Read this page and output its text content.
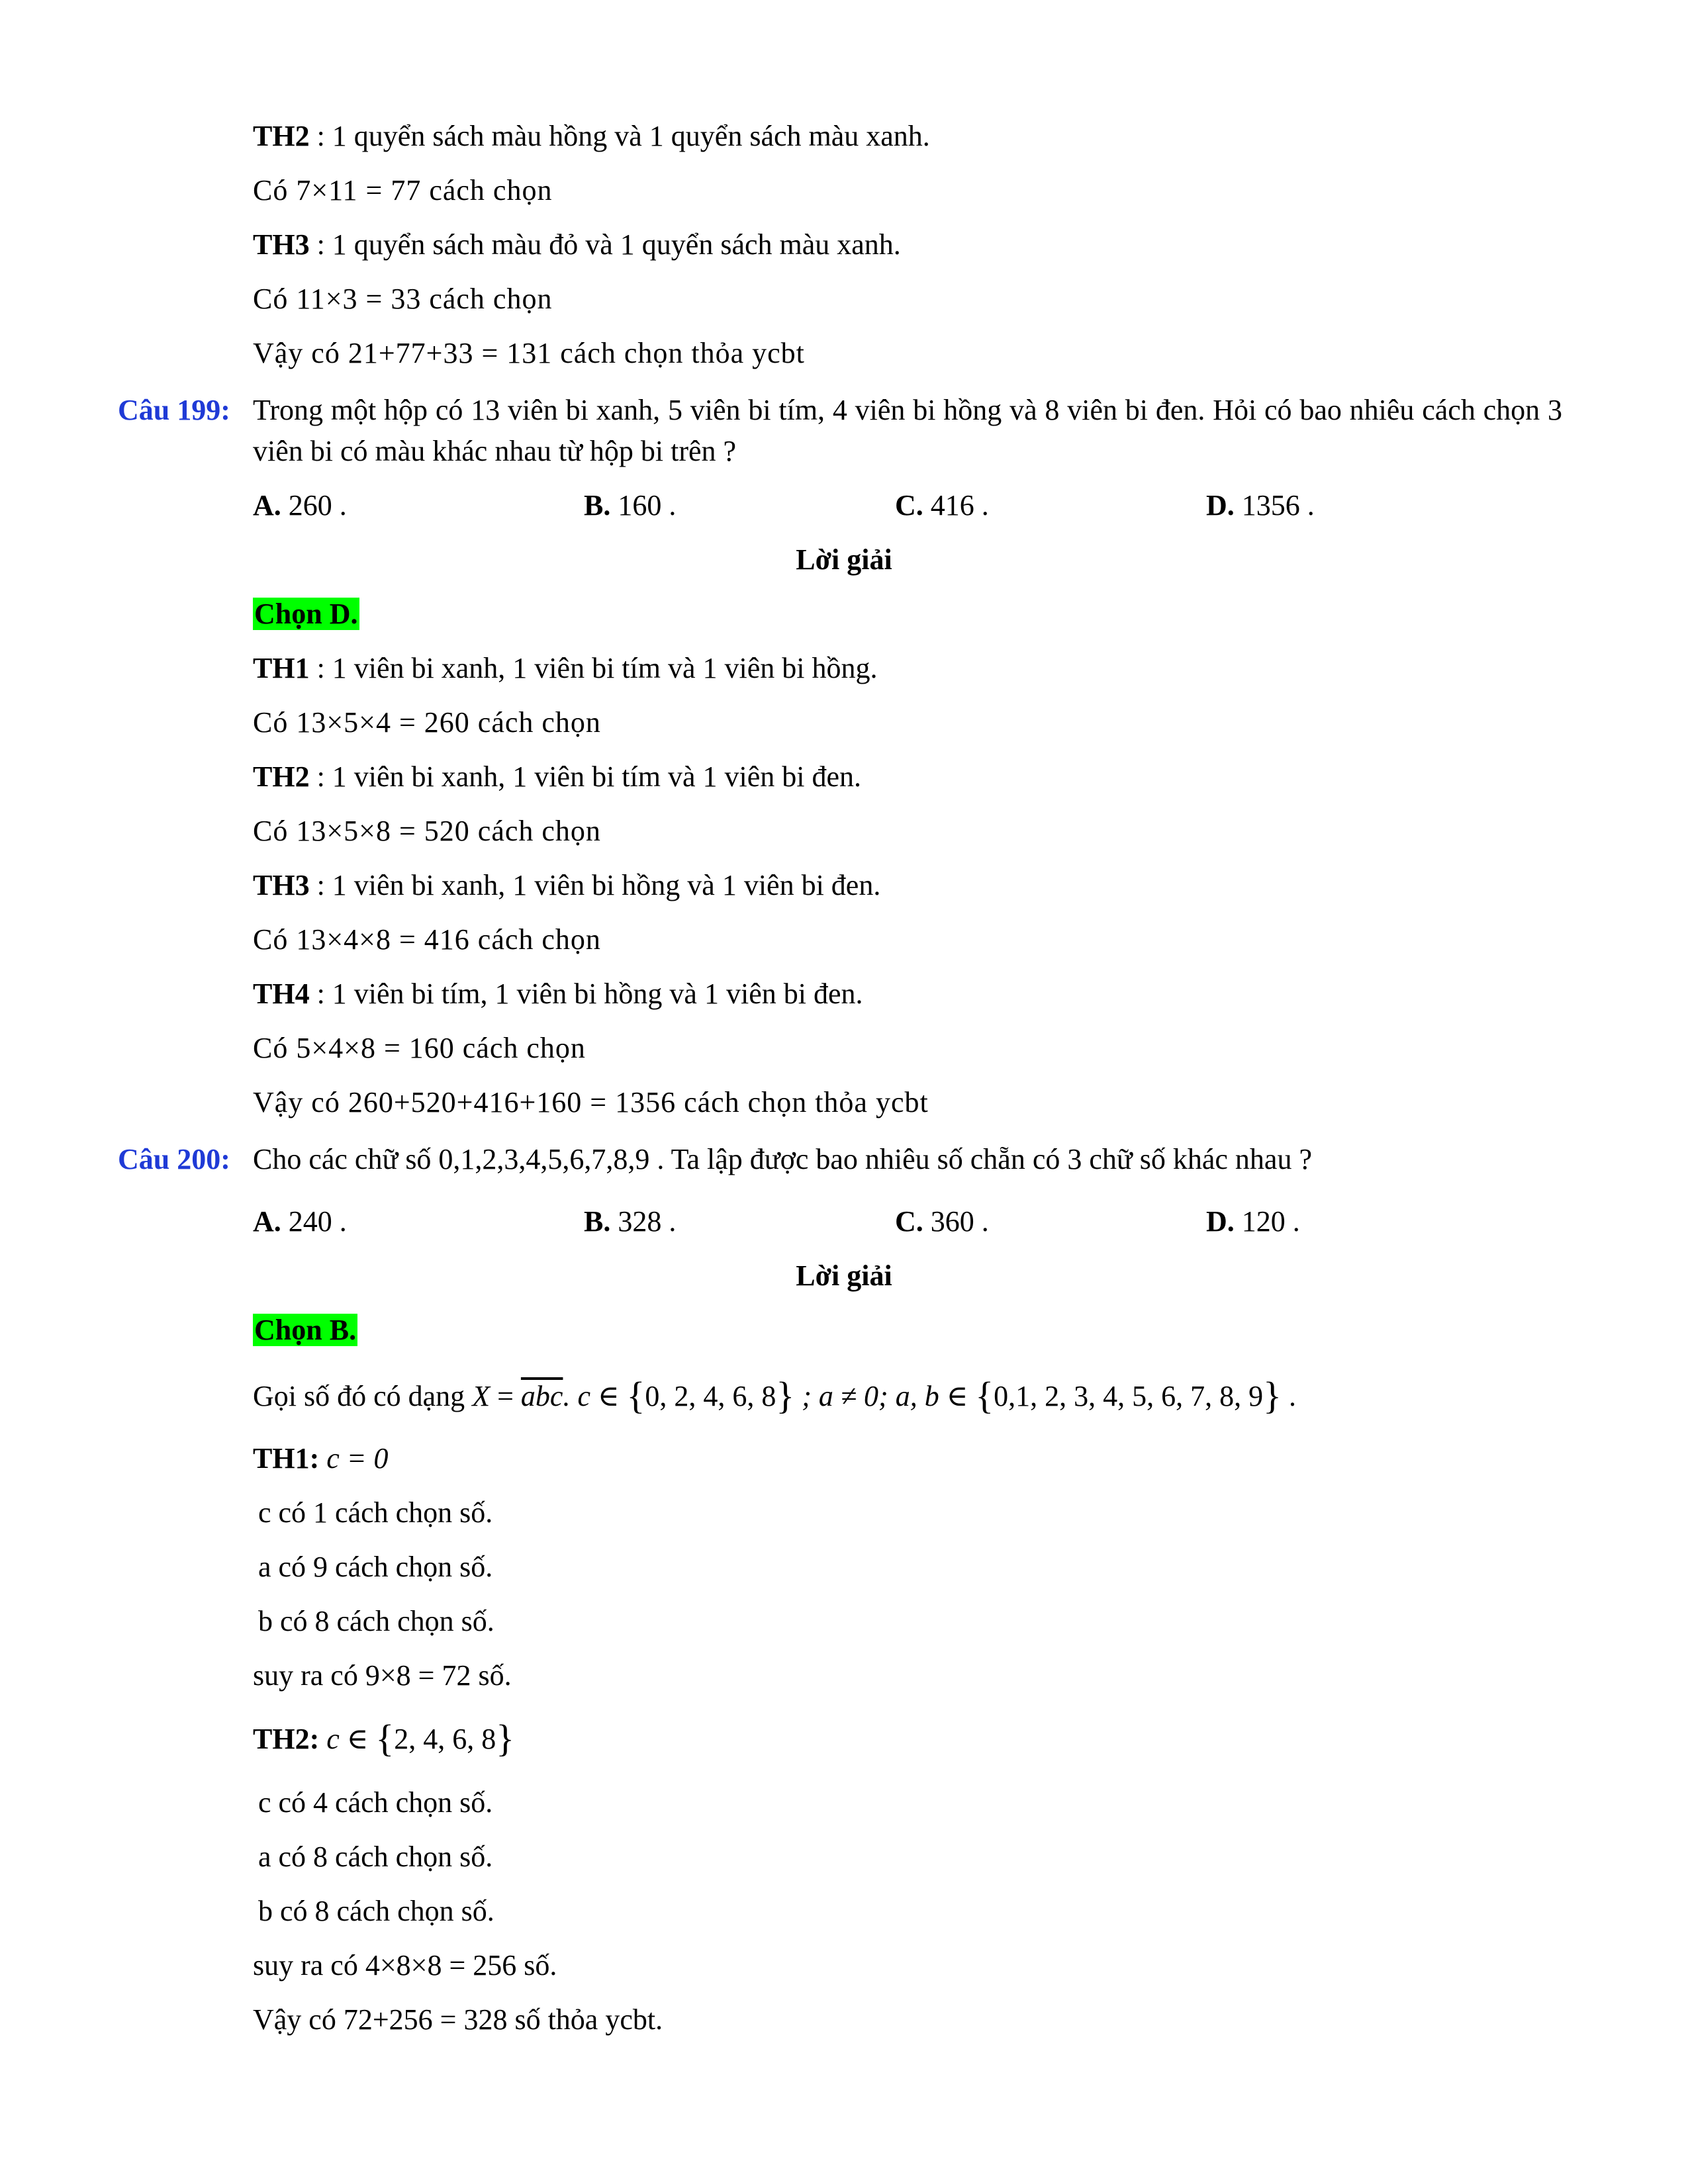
TH2 : 1 quyển sách màu hồng và 1 quyển sách màu xanh.
Có 7×11 = 77 cách chọn
TH3 : 1 quyển sách màu đỏ và 1 quyển sách màu xanh.
Có 11×3 = 33 cách chọn
Vậy có 21+77+33 = 131 cách chọn thỏa ycbt
Câu 199: Trong một hộp có 13 viên bi xanh, 5 viên bi tím, 4 viên bi hồng và 8 viên bi đen. Hỏi có bao nhiêu cách chọn 3 viên bi có màu khác nhau từ hộp bi trên ?
A. 260 .	B. 160 .	C. 416 .	D. 1356 .
Lời giải
Chọn D.
TH1 : 1 viên bi xanh, 1 viên bi tím và 1 viên bi hồng.
Có 13×5×4 = 260 cách chọn
TH2 : 1 viên bi xanh, 1 viên bi tím và 1 viên bi đen.
Có 13×5×8 = 520 cách chọn
TH3 : 1 viên bi xanh, 1 viên bi hồng và 1 viên bi đen.
Có 13×4×8 = 416 cách chọn
TH4 : 1 viên bi tím, 1 viên bi hồng và 1 viên bi đen.
Có 5×4×8 = 160 cách chọn
Vậy có 260+520+416+160 = 1356 cách chọn thỏa ycbt
Câu 200: Cho các chữ số 0,1,2,3,4,5,6,7,8,9 . Ta lập được bao nhiêu số chẵn có 3 chữ số khác nhau ?
A. 240 .	B. 328 .	C. 360 .	D. 120 .
Lời giải
Chọn B.
Gọi số đó có dạng $X = \overline{abc}$. c ∈ {0, 2, 4, 6, 8} ; a ≠ 0; a, b ∈ {0,1, 2, 3, 4, 5, 6, 7, 8, 9} .
TH1: c = 0
c có 1 cách chọn số.
a có 9 cách chọn số.
b có 8 cách chọn số.
suy ra có 9×8 = 72 số.
TH2: c ∈ {2, 4, 6, 8}
c có 4 cách chọn số.
a có 8 cách chọn số.
b có 8 cách chọn số.
suy ra có 4×8×8 = 256 số.
Vậy có 72+256 = 328 số thỏa ycbt.
